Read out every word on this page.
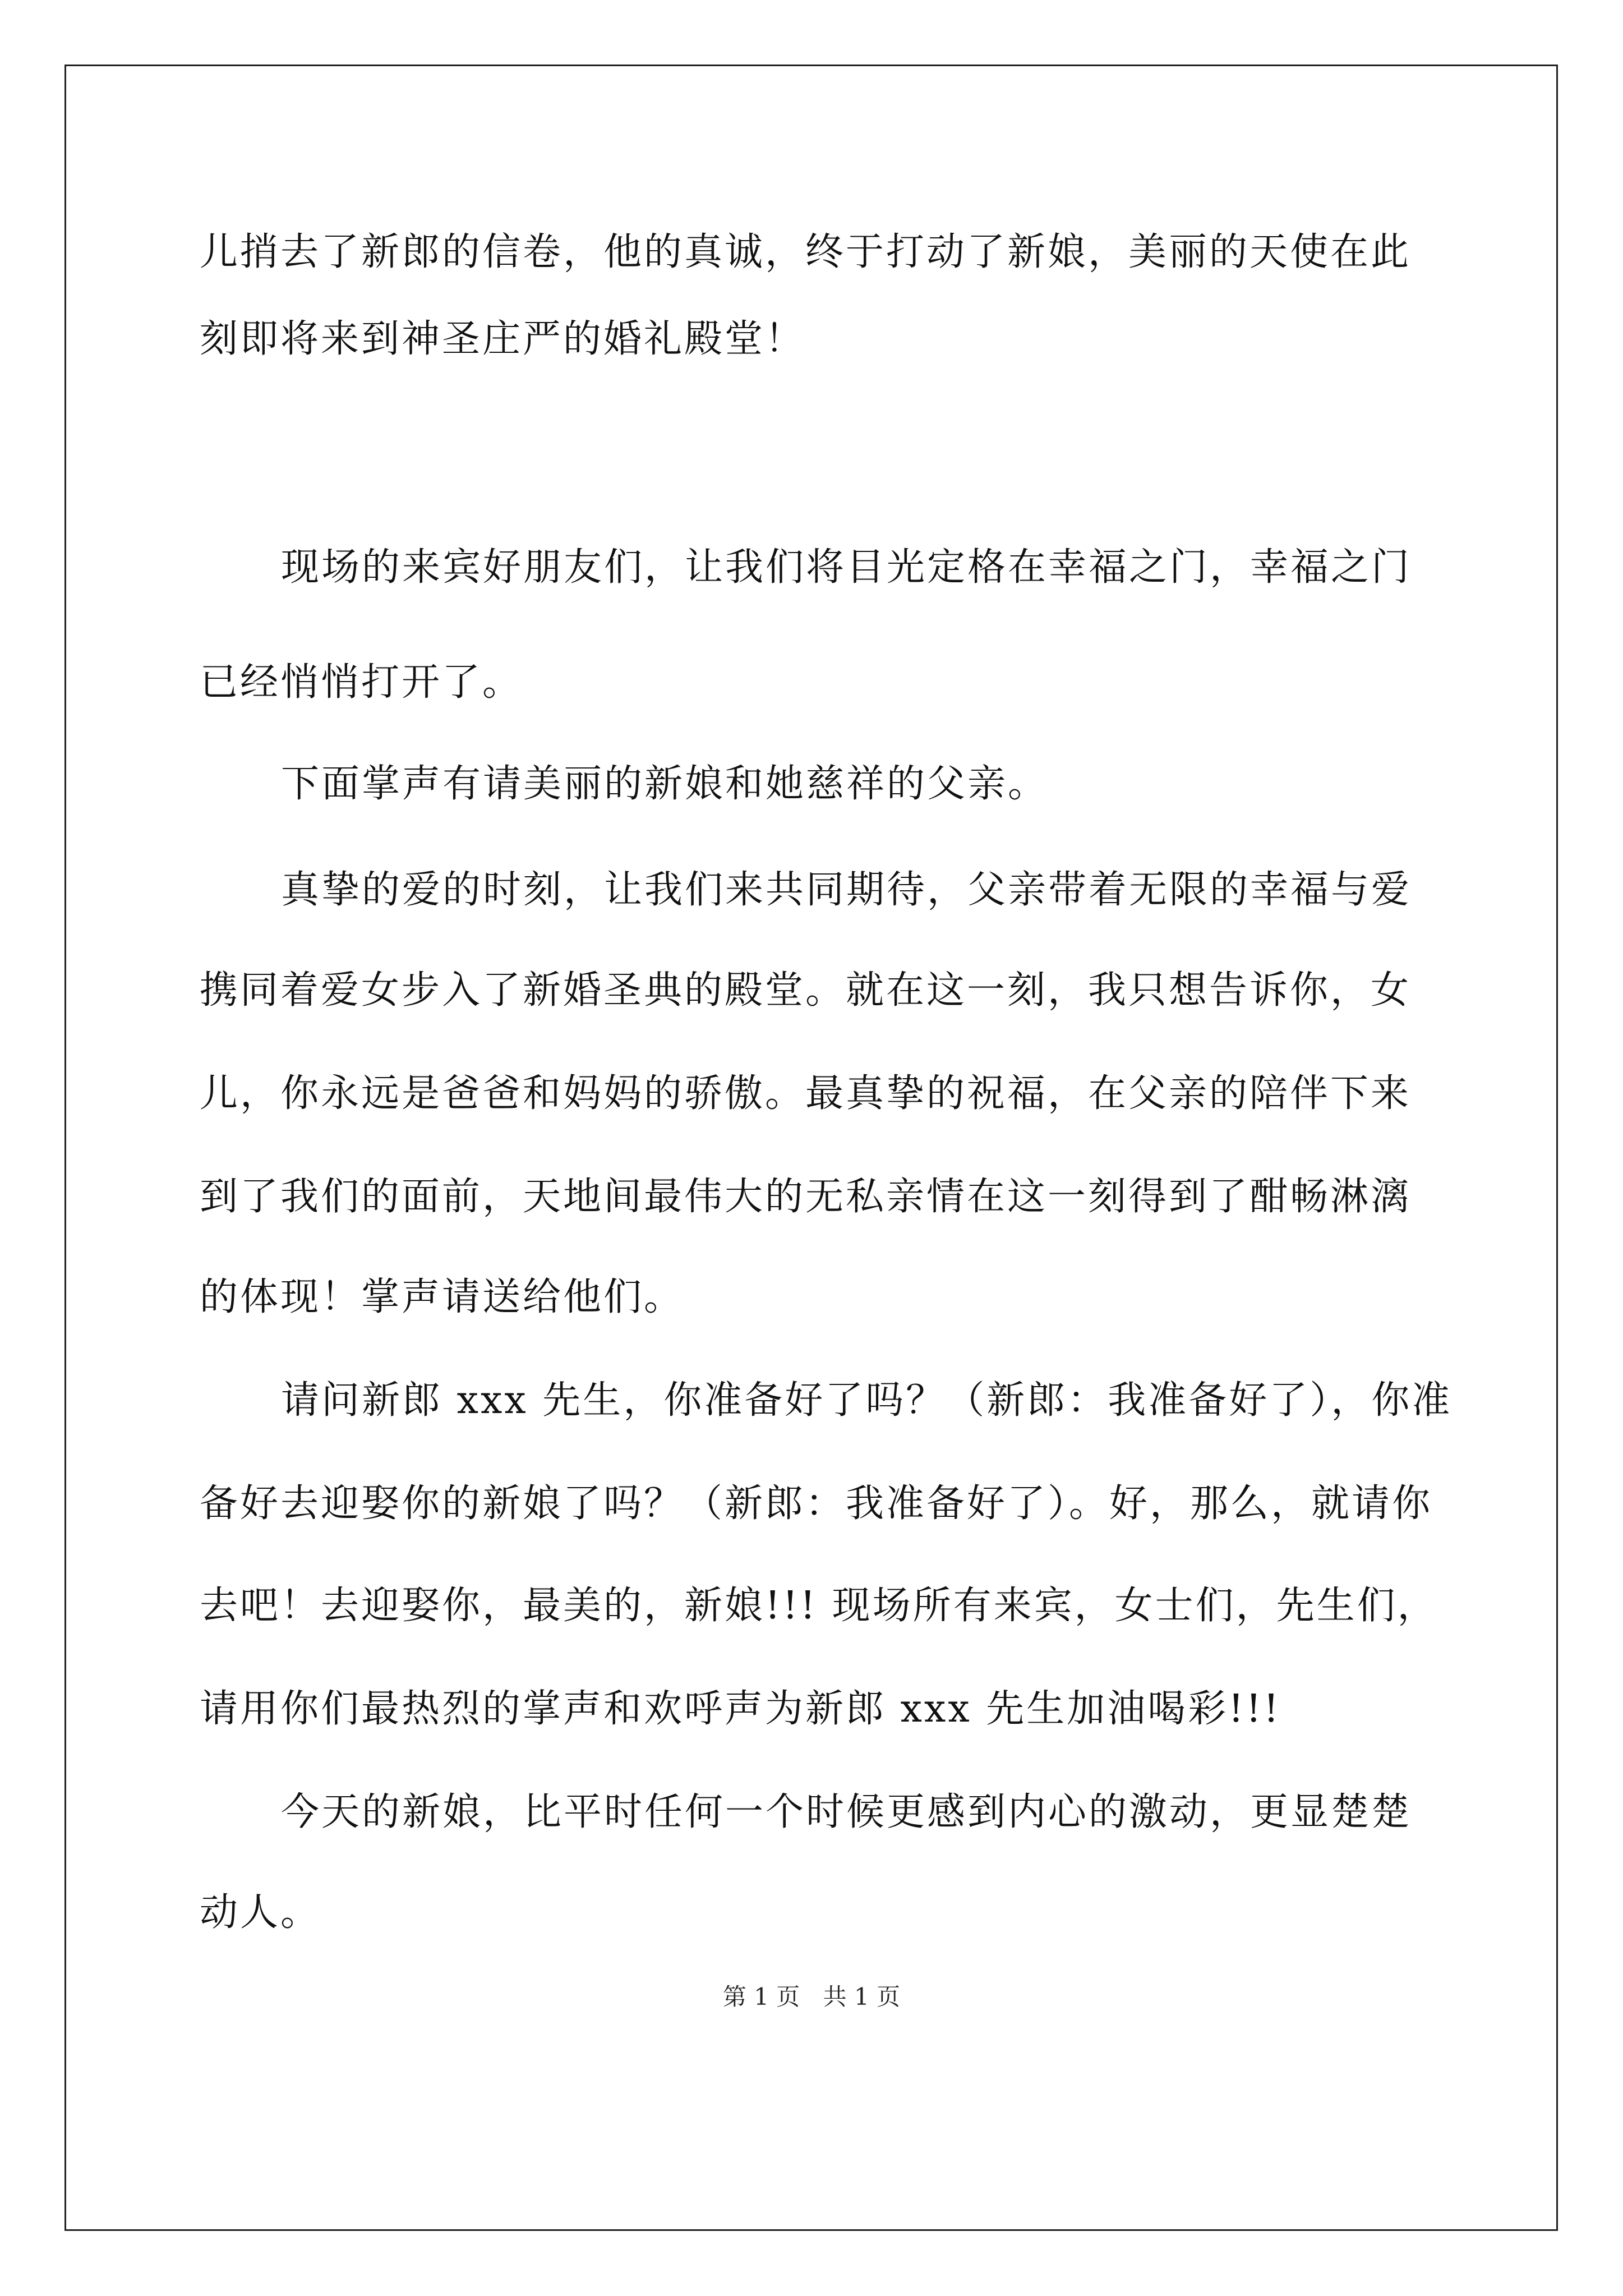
儿捎去了新郎的信卷，他的真诚，终于打动了新娘，美丽的天使在此
刻即将来到神圣庄严的婚礼殿堂！
现场的来宾好朋友们，让我们将目光定格在幸福之门，幸福之门
已经悄悄打开了。
下面掌声有请美丽的新娘和她慈祥的父亲。
真挚的爱的时刻，让我们来共同期待，父亲带着无限的幸福与爱
携同着爱女步入了新婚圣典的殿堂。就在这一刻，我只想告诉你，女
儿，你永远是爸爸和妈妈的骄傲。最真挚的祝福，在父亲的陪伴下来
到了我们的面前，天地间最伟大的无私亲情在这一刻得到了酣畅淋漓
的体现！掌声请送给他们。
请问新郎 xxx 先生，你准备好了吗？（新郎：我准备好了），你准
备好去迎娶你的新娘了吗？（新郎：我准备好了）。好，那么，就请你
去吧！去迎娶你，最美的，新娘!!! 现场所有来宾，女士们，先生们，
请用你们最热烈的掌声和欢呼声为新郎 xxx 先生加油喝彩!!!
今天的新娘，比平时任何一个时候更感到内心的激动，更显楚楚
动人。
第 1 页 共 1 页
